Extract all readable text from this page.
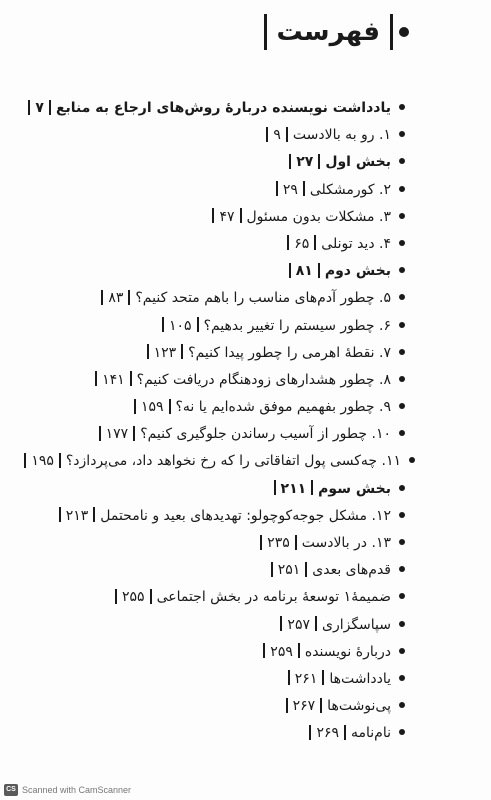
فهرست
یادداشت نویسنده دربارهٔ روش‌های ارجاع به منابع۷
۱. رو به بالادست۹
بخش اول۲۷
۲. کورمشکلی۲۹
۳. مشکلات بدون مسئول۴۷
۴. دید تونلی۶۵
بخش دوم۸۱
۵. چطور آدم‌های مناسب را باهم متحد کنیم؟۸۳
۶. چطور سیستم را تغییر بدهیم؟۱۰۵
۷. نقطهٔ اهرمی را چطور پیدا کنیم؟۱۲۳
۸. چطور هشدارهای زودهنگام دریافت کنیم؟۱۴۱
۹. چطور بفهمیم موفق شده‌ایم یا نه؟۱۵۹
۱۰. چطور از آسیب رساندن جلوگیری کنیم؟۱۷۷
۱۱. چه‌کسی پول اتفاقاتی را که رخ نخواهد داد، می‌پردازد؟۱۹۵
بخش سوم۲۱۱
۱۲. مشکل جوجه‌کوچولو: تهدیدهای بعید و نامحتمل۲۱۳
۱۳. در بالادست۲۳۵
قدم‌های بعدی۲۵۱
ضمیمهٔ۱ توسعهٔ برنامه در بخش اجتماعی۲۵۵
سپاسگزاری۲۵۷
دربارهٔ نویسنده۲۵۹
یادداشت‌ها۲۶۱
پی‌نوشت‌ها۲۶۷
نام‌نامه۲۶۹
CS Scanned with CamScanner
